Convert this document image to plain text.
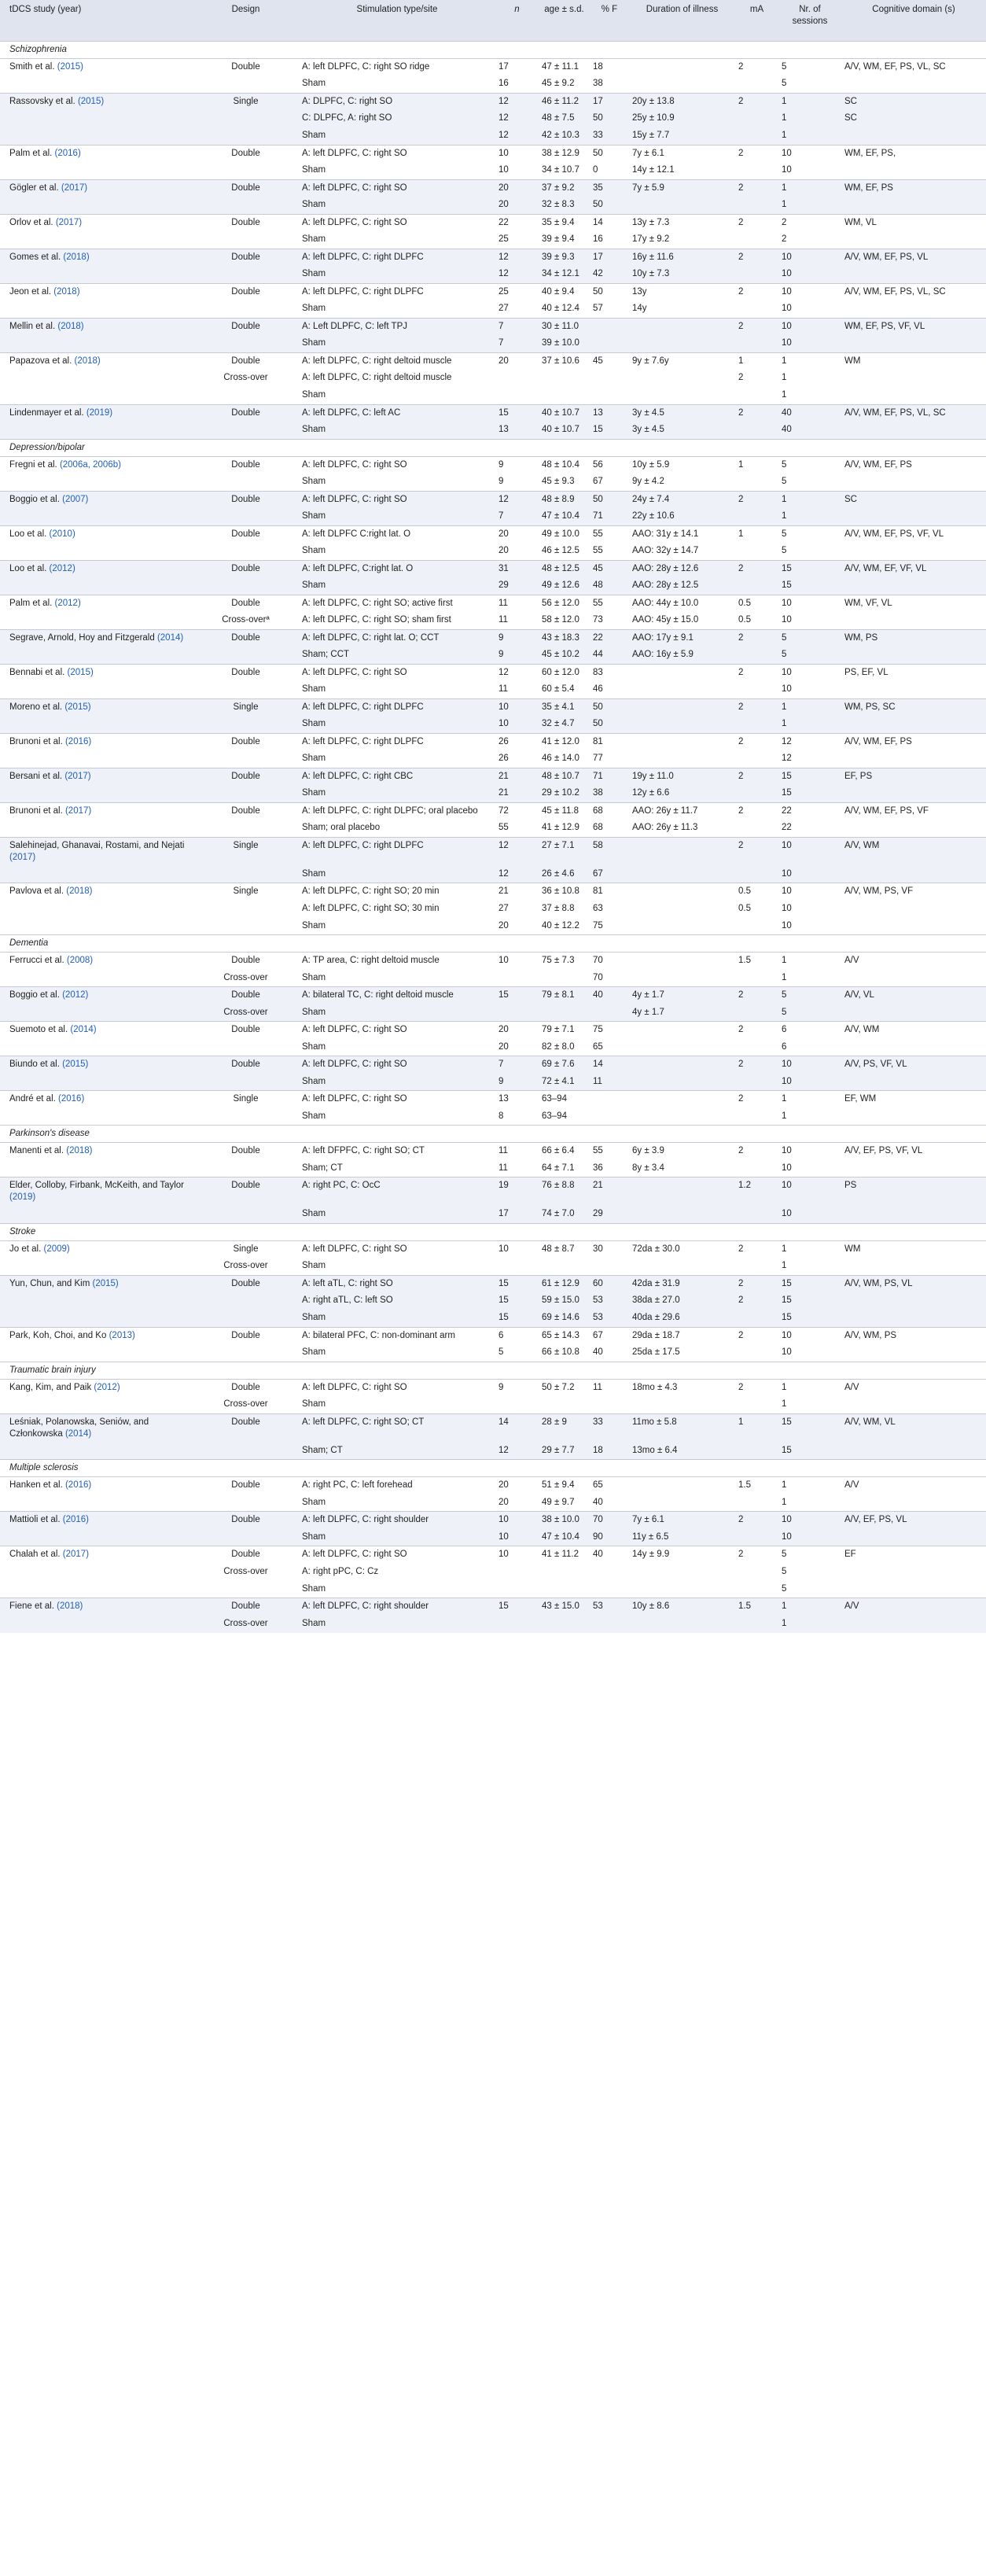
tDCS study (year)	Design	Stimulation type/site	n	age ± s.d.	% F	Duration of illness	mA	Nr. of sessions	Cognitive domain (s)
Schizophrenia									
Smith et al. (2015)	Double	A: left DLPFC, C: right SO ridge	17	47 ± 11.1	18		2	5	A/V, WM, EF, PS, VL, SC
		Sham	16	45 ± 9.2	38			5	
Rassovsky et al. (2015)	Single	A: DLPFC, C: right SO	12	46 ± 11.2	17	20y ± 13.8	2	1	SC
		C: DLPFC, A: right SO	12	48 ± 7.5	50	25y ± 10.9		1	SC
		Sham	12	42 ± 10.3	33	15y ± 7.7		1	
Palm et al. (2016)	Double	A: left DLPFC, C: right SO	10	38 ± 12.9	50	7y ± 6.1	2	10	WM, EF, PS,
		Sham	10	34 ± 10.7	0	14y ± 12.1		10	
Gögler et al. (2017)	Double	A: left DLPFC, C: right SO	20	37 ± 9.2	35	7y ± 5.9	2	1	WM, EF, PS
		Sham	20	32 ± 8.3	50			1	
Orlov et al. (2017)	Double	A: left DLPFC, C: right SO	22	35 ± 9.4	14	13y ± 7.3	2	2	WM, VL
		Sham	25	39 ± 9.4	16	17y ± 9.2		2	
Gomes et al. (2018)	Double	A: left DLPFC, C: right DLPFC	12	39 ± 9.3	17	16y ± 11.6	2	10	A/V, WM, EF, PS, VL
		Sham	12	34 ± 12.1	42	10y ± 7.3		10	
Jeon et al. (2018)	Double	A: left DLPFC, C: right DLPFC	25	40 ± 9.4	50	13y	2	10	A/V, WM, EF, PS, VL, SC
		Sham	27	40 ± 12.4	57	14y		10	
Mellin et al. (2018)	Double	A: Left DLPFC, C: left TPJ	7	30 ± 11.0			2	10	WM, EF, PS, VF, VL
		Sham	7	39 ± 10.0				10	
Papazova et al. (2018)	Double	A: left DLPFC, C: right deltoid muscle	20	37 ± 10.6	45	9y ± 7.6y	1	1	WM
	Cross-over	A: left DLPFC, C: right deltoid muscle					2	1	
		Sham						1	
Lindenmayer et al. (2019)	Double	A: left DLPFC, C: left AC	15	40 ± 10.7	13	3y ± 4.5	2	40	A/V, WM, EF, PS, VL, SC
		Sham	13	40 ± 10.7	15	3y ± 4.5		40	
Depression/bipolar									
Fregni et al. (2006a, 2006b)	Double	A: left DLPFC, C: right SO	9	48 ± 10.4	56	10y ± 5.9	1	5	A/V, WM, EF, PS
		Sham	9	45 ± 9.3	67	9y ± 4.2		5	
Boggio et al. (2007)	Double	A: left DLPFC, C: right SO	12	48 ± 8.9	50	24y ± 7.4	2	1	SC
		Sham	7	47 ± 10.4	71	22y ± 10.6		1	
Loo et al. (2010)	Double	A: left DLPFC C:right lat. O	20	49 ± 10.0	55	AAO: 31y ± 14.1	1	5	A/V, WM, EF, PS, VF, VL
		Sham	20	46 ± 12.5	55	AAO: 32y ± 14.7		5	
Loo et al. (2012)	Double	A: left DLPFC, C:right lat. O	31	48 ± 12.5	45	AAO: 28y ± 12.6	2	15	A/V, WM, EF, VF, VL
		Sham	29	49 ± 12.6	48	AAO: 28y ± 12.5		15	
Palm et al. (2012)	Double	A: left DLPFC, C: right SO; active first	11	56 ± 12.0	55	AAO: 44y ± 10.0	0.5	10	WM, VF, VL
	Cross-overª	A: left DLPFC, C: right SO; sham first	11	58 ± 12.0	73	AAO: 45y ± 15.0	0.5	10	
Segrave, Arnold, Hoy and Fitzgerald (2014)	Double	A: left DLPFC, C: right lat. O; CCT	9	43 ± 18.3	22	AAO: 17y ± 9.1	2	5	WM, PS
		Sham; CCT	9	45 ± 10.2	44	AAO: 16y ± 5.9		5	
Bennabi et al. (2015)	Double	A: left DLPFC, C: right SO	12	60 ± 12.0	83		2	10	PS, EF, VL
		Sham	11	60 ± 5.4	46			10	
Moreno et al. (2015)	Single	A: left DLPFC, C: right DLPFC	10	35 ± 4.1	50		2	1	WM, PS, SC
		Sham	10	32 ± 4.7	50			1	
Brunoni et al. (2016)	Double	A: left DLPFC, C: right DLPFC	26	41 ± 12.0	81		2	12	A/V, WM, EF, PS
		Sham	26	46 ± 14.0	77			12	
Bersani et al. (2017)	Double	A: left DLPFC, C: right CBC	21	48 ± 10.7	71	19y ± 11.0	2	15	EF, PS
		Sham	21	29 ± 10.2	38	12y ± 6.6		15	
Brunoni et al. (2017)	Double	A: left DLPFC, C: right DLPFC; oral placebo	72	45 ± 11.8	68	AAO: 26y ± 11.7	2	22	A/V, WM, EF, PS, VF
		Sham; oral placebo	55	41 ± 12.9	68	AAO: 26y ± 11.3		22	
Salehinejad, Ghanavai, Rostami, and Nejati (2017)	Single	A: left DLPFC, C: right DLPFC	12	27 ± 7.1	58		2	10	A/V, WM
		Sham	12	26 ± 4.6	67			10	
Pavlova et al. (2018)	Single	A: left DLPFC, C: right SO; 20 min	21	36 ± 10.8	81		0.5	10	A/V, WM, PS, VF
		A: left DLPFC, C: right SO; 30 min	27	37 ± 8.8	63		0.5	10	
		Sham	20	40 ± 12.2	75			10	
Dementia									
Ferrucci et al. (2008)	Double	A: TP area, C: right deltoid muscle	10	75 ± 7.3	70		1.5	1	A/V
	Cross-over	Sham			70			1	
Boggio et al. (2012)	Double	A: bilateral TC, C: right deltoid muscle	15	79 ± 8.1	40	4y ± 1.7	2	5	A/V, VL
	Cross-over	Sham				4y ± 1.7		5	
Suemoto et al. (2014)	Double	A: left DLPFC, C: right SO	20	79 ± 7.1	75		2	6	A/V, WM
		Sham	20	82 ± 8.0	65			6	
Biundo et al. (2015)	Double	A: left DLPFC, C: right SO	7	69 ± 7.6	14		2	10	A/V, PS, VF, VL
		Sham	9	72 ± 4.1	11			10	
André et al. (2016)	Single	A: left DLPFC, C: right SO	13	63–94			2	1	EF, WM
		Sham	8	63–94				1	
Parkinson's disease									
Manenti et al. (2018)	Double	A: left DFPFC, C: right SO; CT	11	66 ± 6.4	55	6y ± 3.9	2	10	A/V, EF, PS, VF, VL
		Sham; CT	11	64 ± 7.1	36	8y ± 3.4		10	
Elder, Colloby, Firbank, McKeith, and Taylor (2019)	Double	A: right PC, C: OcC	19	76 ± 8.8	21		1.2	10	PS
		Sham	17	74 ± 7.0	29			10	
Stroke									
Jo et al. (2009)	Single	A: left DLPFC, C: right SO	10	48 ± 8.7	30	72da ± 30.0	2	1	WM
	Cross-over	Sham						1	
Yun, Chun, and Kim (2015)	Double	A: left aTL, C: right SO	15	61 ± 12.9	60	42da ± 31.9	2	15	A/V, WM, PS, VL
		A: right aTL, C: left SO	15	59 ± 15.0	53	38da ± 27.0	2	15	
		Sham	15	69 ± 14.6	53	40da ± 29.6		15	
Park, Koh, Choi, and Ko (2013)	Double	A: bilateral PFC, C: non-dominant arm	6	65 ± 14.3	67	29da ± 18.7	2	10	A/V, WM, PS
		Sham	5	66 ± 10.8	40	25da ± 17.5		10	
Traumatic brain injury									
Kang, Kim, and Paik (2012)	Double	A: left DLPFC, C: right SO	9	50 ± 7.2	11	18mo ± 4.3	2	1	A/V
	Cross-over	Sham						1	
Leśniak, Polanowska, Seniów, and Członkowska (2014)	Double	A: left DLPFC, C: right SO; CT	14	28 ± 9	33	11mo ± 5.8	1	15	A/V, WM, VL
		Sham; CT	12	29 ± 7.7	18	13mo ± 6.4		15	
Multiple sclerosis									
Hanken et al. (2016)	Double	A: right PC, C: left forehead	20	51 ± 9.4	65		1.5	1	A/V
		Sham	20	49 ± 9.7	40			1	
Mattioli et al. (2016)	Double	A: left DLPFC, C: right shoulder	10	38 ± 10.0	70	7y ± 6.1	2	10	A/V, EF, PS, VL
		Sham	10	47 ± 10.4	90	11y ± 6.5		10	
Chalah et al. (2017)	Double	A: left DLPFC, C: right SO	10	41 ± 11.2	40	14y ± 9.9	2	5	EF
	Cross-over	A: right pPC, C: Cz						5	
		Sham						5	
Fiene et al. (2018)	Double	A: left DLPFC, C: right shoulder	15	43 ± 15.0	53	10y ± 8.6	1.5	1	A/V
	Cross-over	Sham						1	
